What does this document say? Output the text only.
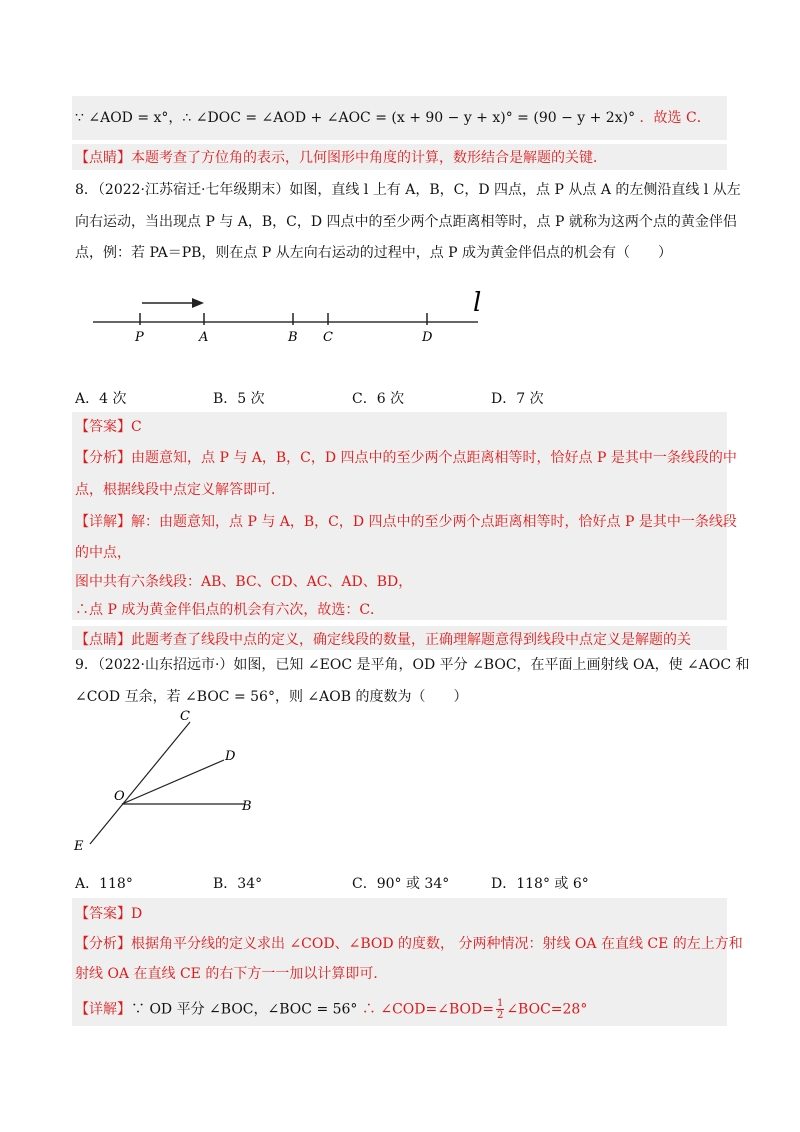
∵ ∠AOD = x°，∴ ∠DOC = ∠AOD + ∠AOC = (x + 90 − y + x)° = (90 − y + 2x)° ．故选 C．
【点睛】本题考查了方位角的表示，几何图形中角度的计算，数形结合是解题的关键．
8．（2022·江苏宿迁·七年级期末）如图，直线 l 上有 A，B，C，D 四点，点 P 从点 A 的左侧沿直线 l 从左
向右运动，当出现点 P 与 A，B，C，D 四点中的至少两个点距离相等时，点 P 就称为这两个点的黄金伴侣
点，例：若 PA＝PB，则在点 P 从左向右运动的过程中，点 P 成为黄金伴侣点的机会有（　　）
l
P	A	B C	D
A．4 次	B．5 次	C．6 次	D．7 次
【答案】C
【分析】由题意知，点 P 与 A，B，C，D 四点中的至少两个点距离相等时，恰好点 P 是其中一条线段的中
点，根据线段中点定义解答即可．
【详解】解：由题意知，点 P 与 A，B，C，D 四点中的至少两个点距离相等时，恰好点 P 是其中一条线段
的中点，
图中共有六条线段：AB、BC、CD、AC、AD、BD，
∴点 P 成为黄金伴侣点的机会有六次，故选：C．
【点睛】此题考查了线段中点的定义，确定线段的数量，正确理解题意得到线段中点定义是解题的关
9．（2022·山东招远市·）如图，已知 ∠EOC 是平角，OD 平分 ∠BOC，在平面上画射线 OA，使 ∠AOC 和
∠COD 互余，若 ∠BOC = 56°，则 ∠AOB 的度数为（　　）
C
D
O
B
E
A．118°	B．34°	C．90° 或 34°	D．118° 或 6°
【答案】D
【分析】根据角平分线的定义求出 ∠COD、∠BOD 的度数， 分两种情况：射线 OA 在直线 CE 的左上方和
射线 OA 在直线 CE 的右下方一一加以计算即可．
【详解】∵ OD 平分 ∠BOC，∠BOC = 56° ∴ ∠COD=∠BOD= $\frac{1}{2}$ ∠BOC=28°
